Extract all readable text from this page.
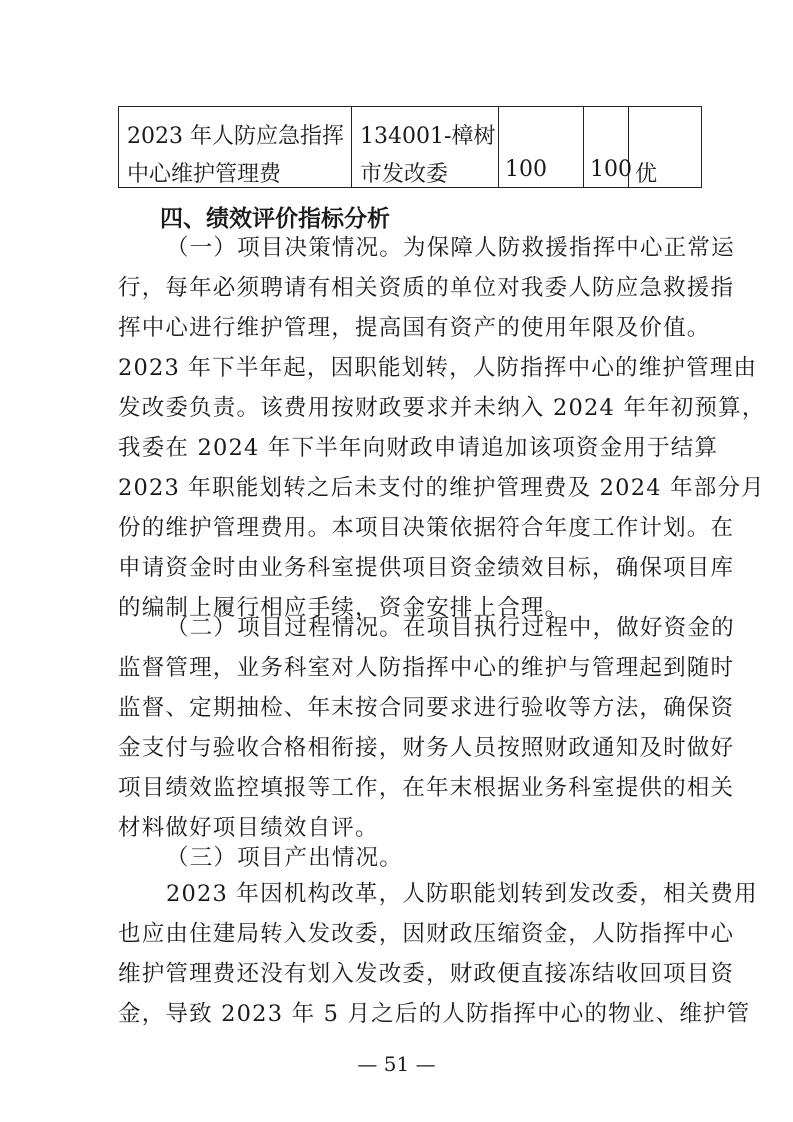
2023 年人防应急指挥
中心维护管理费

134001-樟树
市发改委	100	100	优
四、绩效评价指标分析
（一）项目决策情况。为保障人防救援指挥中心正常运
行，每年必须聘请有相关资质的单位对我委人防应急救援指
挥中心进行维护管理，提高国有资产的使用年限及价值。
2023 年下半年起，因职能划转，人防指挥中心的维护管理由
发改委负责。该费用按财政要求并未纳入 2024 年年初预算，
我委在 2024 年下半年向财政申请追加该项资金用于结算
2023 年职能划转之后未支付的维护管理费及 2024 年部分月
份的维护管理费用。本项目决策依据符合年度工作计划。在
申请资金时由业务科室提供项目资金绩效目标，确保项目库
的编制上履行相应手续，资金安排上合理。
（二）项目过程情况。在项目执行过程中，做好资金的
监督管理，业务科室对人防指挥中心的维护与管理起到随时
监督、定期抽检、年末按合同要求进行验收等方法，确保资
金支付与验收合格相衔接，财务人员按照财政通知及时做好
项目绩效监控填报等工作，在年末根据业务科室提供的相关
材料做好项目绩效自评。
（三）项目产出情况。
2023 年因机构改革，人防职能划转到发改委，相关费用
也应由住建局转入发改委，因财政压缩资金，人防指挥中心
维护管理费还没有划入发改委，财政便直接冻结收回项目资
金，导致 2023 年 5 月之后的人防指挥中心的物业、维护管
— 51 —
